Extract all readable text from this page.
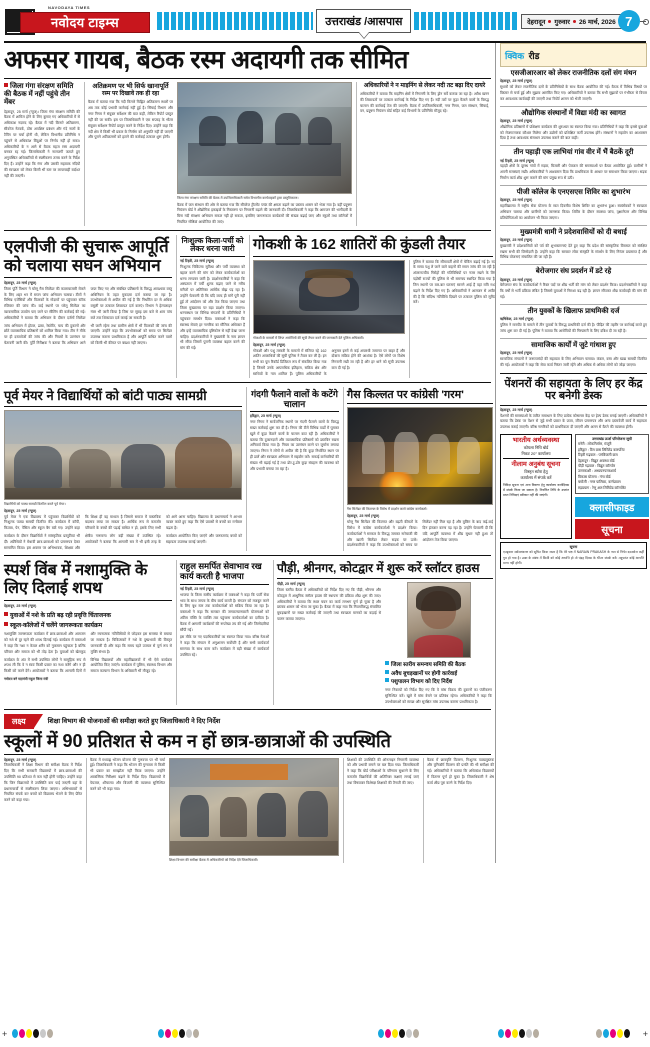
NAVODAYA TIMES
नवोदय टाइम्स	उत्तराखंड /आसपास	देहरादून गुरुवार 26 मार्च, 2026 7
अफसर गायब, बैठक रस्म अदायगी तक सीमित
जिला गंगा संरक्षण समिति की बैठक में नहीं पहुंचे तीन मेंबर
देहरादून, 25 मार्च (न्यूज)। जिला गंगा संरक्षण समिति की बैठक में शामिल होने के लिए बुलाए गए अधिकारियों में से अधिकांश नदारद रहे। बैठक में नदी किनारे अतिक्रमण, सीवरेज नेटवर्क, ठोस अपशिष्ट प्रबंधन और गंदे नालों के टैपिंग पर चर्चा होनी थी, लेकिन विभागीय प्रतिनिधि न पहुंचने से अधिकांश बिंदुओं पर निर्णय नहीं हो सका। अधिकारियों के न आने से बैठक महज रस्म अदायगी बनकर रह गई। जिलाधिकारी ने नाराजगी जताते हुए अनुपस्थित अधिकारियों से स्पष्टीकरण तलब करने के निर्देश दिए हैं। उन्होंने कहा कि गंगा और उसकी सहायक नदियों की स्वच्छता को लेकर किसी भी स्तर पर लापरवाही बर्दाश्त नहीं की जाएगी।
अतिक्रमण पर भी सिर्फ खानापूर्ति
रस्म पर दिखावे तक ही रहा
बैठक में बताया गया कि नदी किनारे चिह्नित अतिक्रमण स्थलों पर अब तक कोई प्रभावी कार्रवाई नहीं हुई है। सिंचाई विभाग और नगर निगम ने संयुक्त सर्वेक्षण की बात कही, लेकिन रिपोर्ट प्रस्तुत नहीं की जा सकी। इस पर जिलाधिकारी ने एक सप्ताह के भीतर संयुक्त सर्वेक्षण रिपोर्ट प्रस्तुत करने के निर्देश दिए। उन्होंने कहा कि नदी क्षेत्र में किसी भी प्रकार के निर्माण को अनुमति नहीं दी जाएगी और पुराने अतिक्रमणों को हटाने की कार्रवाई तत्काल शुरू होगी।
जिला गंगा संरक्षण समिति की बैठक में उपजिलाधिकारी समेत विभागीय कार्यवाहकों द्वारा प्रस्तुतिकरण।
बैठक में जल संस्थान की ओर से बताया गया कि सीवरेज ट्रीटमेंट प्लांट की क्षमता बढ़ाने का प्रस्ताव शासन को भेजा गया है। वहीं प्रदूषण नियंत्रण बोर्ड ने औद्योगिक इकाइयों के निस्तारण पर निगरानी बढ़ाने की जानकारी दी। जिलाधिकारी ने कहा कि आमजन की भागीदारी के बिना नदी संरक्षण अभियान सफल नहीं हो सकता, इसलिए जागरूकता कार्यक्रमों की संख्या बढ़ाई जाए और स्कूलों तथा कॉलेजों में नियमित गोष्ठियां आयोजित की जाएं।
अधिकारियों ने न माइनिंग से लेकर नदी तट बढ़ा दिए दायरे
अधिकारियों ने बताया कि माइनिंग क्षेत्रों में निगरानी के लिए ड्रोन सर्वे कराया जा रहा है। अवैध खनन की शिकायतों पर तत्काल कार्रवाई के निर्देश दिए गए हैं। नदी तटों पर कूड़ा फेंकने वालों के विरुद्ध चालान की कार्रवाई तेज की जाएगी। बैठक में उपजिलाधिकारी, नगर निगम, जल संस्थान, सिंचाई, वन, प्रदूषण नियंत्रण बोर्ड सहित कई विभागों के प्रतिनिधि मौजूद रहे।
एलपीजी की सुचारू आपूर्ति को चलाया सघन अभियान
देहरादून, 25 मार्च (न्यूज)
जिला पूर्ति विभाग ने घरेलू गैस सिलेंडर की कालाबाजारी रोकने के लिए शहर भर में सघन जांच अभियान चलाया। टीमों ने विभिन्न एजेंसियों और वितरकों के गोदामों पर पहुंचकर स्टॉक रजिस्टर की जांच की। कई स्थानों पर घरेलू सिलेंडर का व्यावसायिक उपयोग पाए जाने पर सीलिंग की कार्रवाई की गई। अधिकारियों ने बताया कि अभियान के दौरान दर्जनों सिलेंडर जब्त किए गए और संबंधित प्रतिष्ठानों के विरुद्ध आवश्यक वस्तु अधिनियम के तहत मुकदमा दर्ज कराया जा रहा है। उपभोक्ताओं से अपील की गई है कि निर्धारित दर से अधिक वसूली पर तत्काल शिकायत दर्ज कराएं। विभाग ने हेल्पलाइन नंबर भी जारी किया है जिस पर सुबह दस बजे से शाम पांच बजे तक शिकायत दर्ज कराई जा सकती है।
जांच अभियान में होटल, ढाबा, रेस्टोरेंट, चाय की दुकानों और छोटे व्यावसायिक प्रतिष्ठानों को शामिल किया गया। टीम ने मौके पर ही दस्तावेजों की जांच की और नियमों के उल्लंघन पर चेतावनी जारी की। पूर्ति निरीक्षक ने बताया कि अभियान आगे भी जारी रहेगा तथा ग्रामीण क्षेत्रों में भी वितरकों की जांच की जाएगी। उन्होंने कहा कि उपभोक्ताओं को समय पर सिलेंडर उपलब्ध कराना प्राथमिकता है और आपूर्ति बाधित करने वालों को किसी भी कीमत पर बख्शा नहीं जाएगा।
निःशुल्क किला-पर्ची को लेकर धरना जारी
नई टिहरी, 25 मार्च (न्यूज)
निःशुल्क चिकित्सा सुविधा और पर्ची व्यवस्था को बहाल करने की मांग को लेकर कार्यकर्ताओं का धरना लगातार जारी है। प्रदर्शनकारियों ने कहा कि अस्पताल में पर्ची शुल्क बढ़ाए जाने से गरीब मरीजों पर अतिरिक्त आर्थिक बोझ पड़ रहा है। उन्होंने चेतावनी दी कि यदि जल्द ही मांगें पूरी नहीं हुईं तो आंदोलन को और तेज किया जाएगा तथा जिला मुख्यालय पर बड़ा प्रदर्शन किया जाएगा। धरनास्थल पर विभिन्न संगठनों के प्रतिनिधियों ने पहुंचकर समर्थन दिया। वक्ताओं ने कहा कि स्वास्थ्य सेवाएं हर नागरिक का मौलिक अधिकार हैं और इन्हें व्यावसायिक दृष्टिकोण से नहीं देखा जाना चाहिए। प्रदर्शनकारियों ने मुख्यमंत्री के नाम ज्ञापन भी सौंपा जिसमें पुरानी व्यवस्था बहाल करने की मांग की गई।
गोकशी के 162 शातिरों की कुंडली तैयार
गोकशी के मामलों में लिप्त आरोपियों की सूची तैयार करने की जानकारी देते पुलिस अधिकारी।
देहरादून, 25 मार्च (न्यूज)
गोकशी और पशु तस्करी के मामलों में संलिप्त रहे 162 शातिर अपराधियों की सूची पुलिस ने तैयार कर ली है। इन सभी का पूरा रिकॉर्ड डिजिटल रूप में संकलित किया गया है जिसमें उनके आपराधिक इतिहास, सक्रिय क्षेत्र और साथियों के नाम शामिल हैं। पुलिस अधिकारियों के अनुसार इनमें से कई अपराधी जमानत पर बाहर हैं और दोबारा सक्रिय होने की आशंका है। ऐसे लोगों पर विशेष निगरानी रखी जा रही है और हर थाने को सूची उपलब्ध करा दी गई है।
पुलिस ने बताया कि सीमावर्ती क्षेत्रों में चेकिंग बढ़ाई गई है। रात के समय पशु ले जाने वाले वाहनों की सघन जांच की जा रही है। अंतरराज्यीय गिरोहों की गतिविधियों पर नजर रखने के लिए पड़ोसी राज्यों की पुलिस से भी समन्वय स्थापित किया गया है। जिन स्थानों पर बार-बार घटनाएं सामने आई हैं वहां रात्रि गश्त बढ़ाने के निर्देश दिए गए हैं। अधिकारियों ने आमजन से अपील की है कि संदिग्ध गतिविधि दिखने पर तत्काल पुलिस को सूचित करें।
पूर्व मेयर ने विद्यार्थियों को बांटी पाठ्य सामग्री
विद्यार्थियों को पाठ्य सामग्री वितरित करते पूर्व मेयर।
देहरादून, 25 मार्च (न्यूज)
पूर्व मेयर ने एक विद्यालय में पहुंचकर विद्यार्थियों को निःशुल्क पाठ्य सामग्री वितरित की। कार्यक्रम में कॉपी, किताब, पेन, पेंसिल और स्कूल बैग बांटे गए। उन्होंने कहा कि शिक्षा ही वह माध्यम है जिससे समाज में वास्तविक बदलाव लाया जा सकता है। आर्थिक रूप से कमजोर परिवारों के बच्चों की पढ़ाई बाधित न हो, इसके लिए सभी को आगे आना चाहिए। विद्यालय के प्रधानाचार्य ने आभार व्यक्त करते हुए कहा कि ऐसे प्रयासों से बच्चों का मनोबल बढ़ता है।
कार्यक्रम के दौरान विद्यार्थियों ने सांस्कृतिक प्रस्तुतियां भी दीं। अतिथियों ने मेधावी छात्र-छात्राओं को प्रमाणपत्र देकर सम्मानित किया। इस अवसर पर अभिभावक, शिक्षक और क्षेत्रीय गणमान्य लोग बड़ी संख्या में उपस्थित रहे। आयोजकों ने बताया कि आगामी सत्र में भी इसी तरह के कार्यक्रम आयोजित किए जाएंगे और जरूरतमंद बच्चों को सहायता उपलब्ध कराई जाएगी।
गंदगी फैलाने वालों के कटेंगे चालान
हरिद्वार, 25 मार्च (न्यूज)
नगर निगम ने सार्वजनिक स्थानों पर गंदगी फैलाने वालों के विरुद्ध सख्त कार्रवाई शुरू कर दी है। निगम की टीमें विभिन्न वार्डों में घूमकर खुले में कूड़ा फेंकने वालों के चालान काट रही हैं। अधिकारियों ने बताया कि दुकानदारों और व्यावसायिक प्रतिष्ठानों को डस्टबिन रखना अनिवार्य किया गया है। नियम का उल्लंघन करने पर जुर्माना लगाया जाएगा। निगम ने लोगों से अपील की है कि कूड़ा निर्धारित स्थान पर ही डालें और स्वच्छता अभियान में सहयोग करें। सफाई कर्मचारियों की संख्या भी बढ़ाई गई है तथा डोर-टू-डोर कूड़ा संग्रहण की व्यवस्था को और प्रभावी बनाया जा रहा है।
गैस किल्लत पर कांग्रेसी 'गरम'
गैस सिलेंडर की किल्लत के विरोध में प्रदर्शन करते कांग्रेस कार्यकर्ता।
देहरादून, 25 मार्च (न्यूज)
घरेलू गैस सिलेंडर की किल्लत और बढ़ती कीमतों के विरोध में कांग्रेस कार्यकर्ताओं ने प्रदर्शन किया। कार्यकर्ताओं ने सरकार के विरुद्ध जमकर नारेबाजी की और खाली सिलेंडर लेकर सड़क पर उतरे। प्रदर्शनकारियों ने कहा कि उपभोक्ताओं को समय पर सिलेंडर नहीं मिल रहा है और बुकिंग के बाद कई-कई दिन इंतजार करना पड़ रहा है। उन्होंने चेतावनी दी कि यदि आपूर्ति व्यवस्था में शीघ्र सुधार नहीं हुआ तो आंदोलन तेज किया जाएगा।
स्पर्श विंब में नशामुक्ति के लिए दिलाई शपथ
देहरादून, 25 मार्च (न्यूज)
युवाओं में नशे के प्रति बढ़ रही प्रवृत्ति चिंताजनक
स्कूल-कॉलेजों में चलेंगे जागरूकता कार्यक्रम
नशामुक्ति जागरूकता कार्यक्रम में छात्र-छात्राओं और आमजन को नशे से दूर रहने की शपथ दिलाई गई। कार्यक्रम में वक्ताओं ने कहा कि नशा न केवल शरीर को नुकसान पहुंचाता है बल्कि परिवार और समाज को भी तोड़ देता है। युवाओं को खेलकूद और रचनात्मक गतिविधियों से जोड़कर इस समस्या से बचाया जा सकता है। चिकित्सकों ने नशे के दुष्प्रभावों की विस्तृत जानकारी दी और कहा कि समय रहते उपचार से पूर्ण रूप से मुक्ति संभव है।
कार्यक्रम के अंत में सभी उपस्थित लोगों ने सामूहिक रूप से शपथ ली कि वे न स्वयं किसी प्रकार का नशा करेंगे और न ही किसी को करने देंगे। आयोजकों ने बताया कि आगामी दिनों में विभिन्न विद्यालयों और महाविद्यालयों में भी ऐसे कार्यक्रम आयोजित किए जाएंगे। कार्यक्रम में पुलिस, स्वास्थ्य विभाग और समाज कल्याण विभाग के अधिकारी भी मौजूद रहे।
नवोदय बने महामंत्री राहुल जिला मंत्री
राहुल समर्पित सेवाभाव रख कार्य करती है भाजपा
नई टिहरी, 25 मार्च (न्यूज)
भाजपा के जिला स्तरीय कार्यक्रम में वक्ताओं ने कहा कि पार्टी सेवा भाव के साथ जनता के बीच कार्य करती है। संगठन को मजबूत करने के लिए बूथ स्तर तक कार्यकर्ताओं को सक्रिय किया जा रहा है। वक्ताओं ने कहा कि सरकार की जनकल्याणकारी योजनाओं को अंतिम पंक्ति के व्यक्ति तक पहुंचाना कार्यकर्ताओं का दायित्व है। बैठक में आगामी कार्यक्रमों की रूपरेखा तय की गई और जिम्मेदारियां सौंपी गईं।
इस मौके पर नए पदाधिकारियों का स्वागत किया गया। वरिष्ठ नेताओं ने कहा कि संगठन में अनुशासन सर्वोपरि है और सभी कार्यकर्ता समन्वय के साथ काम करें। कार्यक्रम में बड़ी संख्या में कार्यकर्ता उपस्थित रहे।
पौड़ी, श्रीनगर, कोटद्वार में शुरू करें स्लॉटर हाउस
पौड़ी, 25 मार्च (न्यूज)
जिला स्तरीय बैठक में अधिकारियों को निर्देश दिए गए कि पौड़ी, श्रीनगर और कोटद्वार में आधुनिक स्लॉटर हाउस की स्थापना की प्रक्रिया शीघ्र शुरू की जाए। अधिकारियों ने बताया कि स्थल चयन का कार्य लगभग पूर्ण हो चुका है और प्रस्ताव शासन को भेजा जा चुका है। बैठक में कहा गया कि नियमविरुद्ध संचालित बूचड़खानों पर सख्त कार्रवाई की जाएगी तथा स्वच्छता मानकों का कड़ाई से पालन कराया जाएगा।
जिला स्तरीय समन्वय समिति की बैठक
अवैध बूचड़खानों पर होगी कार्रवाई
पशुपालन विभाग को दिए निर्देश
नगर निकायों को निर्देश दिए गए कि वे मांस विक्रय की दुकानों का पंजीकरण सुनिश्चित करें। खुले में मांस बेचने पर प्रतिबंध रहेगा। अधिकारियों ने कहा कि उपभोक्ताओं को स्वच्छ और सुरक्षित मांस उपलब्ध कराना प्राथमिकता है।
लक्ष्य	शिक्षा विभाग की योजनाओं की समीक्षा करते हुए जिलाधिकारी ने दिए निर्देश
स्कूलों में 90 प्रतिशत से कम न हों छात्र-छात्राओं की उपस्थिति
देहरादून, 25 मार्च (न्यूज)
जिलाधिकारी ने शिक्षा विभाग की समीक्षा बैठक में निर्देश दिए कि सभी सरकारी विद्यालयों में छात्र-छात्राओं की उपस्थिति 90 प्रतिशत से कम नहीं होनी चाहिए। उन्होंने कहा कि जिन विद्यालयों में उपस्थिति कम पाई जाएगी वहां के प्रधानाचार्यों से स्पष्टीकरण लिया जाएगा। अभिभावकों से नियमित संपर्क कर बच्चों को विद्यालय भेजने के लिए प्रेरित करने को कहा गया।
बैठक में मध्याह्न भोजन योजना की गुणवत्ता पर भी चर्चा हुई। जिलाधिकारी ने कहा कि भोजन की गुणवत्ता से किसी भी प्रकार का समझौता नहीं किया जाएगा। उन्होंने आकस्मिक निरीक्षण बढ़ाने के निर्देश दिए। विद्यालयों में पेयजल, शौचालय और बिजली की व्यवस्था सुनिश्चित करने को भी कहा गया।
शिक्षा विभाग की समीक्षा बैठक में अधिकारियों को निर्देश देते जिलाधिकारी।
शिक्षकों की उपस्थिति की ऑनलाइन निगरानी व्यवस्था को और प्रभावी बनाने पर बल दिया गया। जिलाधिकारी ने कहा कि बोर्ड परीक्षाओं के परिणाम सुधारने के लिए कमजोर विद्यार्थियों की अतिरिक्त कक्षाएं लगाई जाएं तथा विषयवार विशेषज्ञ शिक्षकों की तैनाती की जाए।
बैठक में छात्रवृत्ति वितरण, निःशुल्क पाठ्यपुस्तक और यूनिफॉर्म वितरण की प्रगति की भी समीक्षा की गई। अधिकारियों ने बताया कि अधिकांश विद्यालयों में वितरण पूर्ण हो चुका है। जिलाधिकारी ने शेष कार्य शीघ्र पूरा करने के निर्देश दिए।
क्विक रीड
एसजीआरआर को लेकर राजनीतिक दलों संग मंथन
देहरादून, 25 मार्च (न्यूज)
सुधारों को लेकर राजनीतिक दलों के प्रतिनिधियों के साथ बैठक आयोजित की गई। बैठक में विभिन्न विषयों पर विस्तार से चर्चा हुई और सुझाव आमंत्रित किए गए। अधिकारियों ने बताया कि सभी सुझावों पर गंभीरता से विचार कर आवश्यक कार्यवाही की जाएगी तथा रिपोर्ट शासन को भेजी जाएगी।
औद्योगिक संस्थानों में विद्या मंदी का स्वागत
देहरादून, 25 मार्च (न्यूज)
औद्योगिक प्रतिष्ठानों में प्रशिक्षण कार्यक्रम की शुरुआत का स्वागत किया गया। प्रतिनिधियों ने कहा कि इससे युवाओं को रोजगारपरक कौशल मिलेगा और उद्योगों को प्रशिक्षित कर्मी उपलब्ध होंगे। संस्थानों ने सहयोग का आश्वासन दिया है तथा आवश्यक संसाधन उपलब्ध कराने की बात कही।
तीन पहाड़ी एक लाभियां गांव वीर में भैं बैठकें दूरी
नई टिहरी, 25 मार्च (न्यूज)
पहाड़ी क्षेत्रों के दूरस्थ गांवों में सड़क, बिजली और पेयजल की समस्याओं पर बैठक आयोजित हुई। ग्रामीणों ने अपनी समस्याएं रखीं। अधिकारियों ने आश्वासन दिया कि प्राथमिकता के आधार पर समाधान किया जाएगा। सड़क निर्माण कार्य शीघ्र शुरू कराने की मांग प्रमुख रूप से उठी।
पीजी कॉलेज के एनएसएस शिविर का शुभारंभ
देहरादून, 25 मार्च (न्यूज)
महाविद्यालय में राष्ट्रीय सेवा योजना के सात दिवसीय विशेष शिविर का शुभारंभ हुआ। स्वयंसेवकों ने स्वच्छता अभियान चलाया और ग्रामीणों को जागरूक किया। शिविर के दौरान स्वास्थ्य जांच, वृक्षारोपण और विभिन्न प्रतियोगिताओं का आयोजन भी किया जाएगा।
मुख्यमंत्री धामी ने प्रदेशवासियों को दी बधाई
देहरादून, 25 मार्च (न्यूज)
मुख्यमंत्री ने प्रदेशवासियों को पर्व की शुभकामनाएं देते हुए कहा कि प्रदेश की सांस्कृतिक विरासत को संरक्षित रखना सभी की जिम्मेदारी है। उन्होंने कहा कि सरकार लोक संस्कृति के संवर्धन के लिए निरंतर प्रयासरत है और विभिन्न योजनाएं संचालित की जा रही हैं।
बेरोजगार संघ प्रदर्शन में डटे रहे
देहरादून, 25 मार्च (न्यूज)
बेरोजगार संघ के कार्यकर्ताओं ने रिक्त पदों पर शीघ्र भर्ती की मांग को लेकर प्रदर्शन किया। प्रदर्शनकारियों ने कहा कि वर्षों से भर्ती प्रक्रिया लंबित है जिससे युवाओं में निराशा बढ़ रही है। ज्ञापन सौंपकर शीघ्र कार्यवाही की मांग की गई।
तीन युवकों के खिलाफ प्राथमिकी दर्ज
ऋषिकेश, 25 मार्च (न्यूज)
पुलिस ने मारपीट के मामले में तीन युवकों के विरुद्ध प्राथमिकी दर्ज की है। पीड़ित की तहरीर पर कार्रवाई करते हुए जांच शुरू कर दी गई है। पुलिस ने बताया कि आरोपियों की गिरफ्तारी के लिए दबिश दी जा रही है।
सामाजिक कार्यों में जुटे गांधाश हुए
देहरादून, 25 मार्च (न्यूज)
सामाजिक संगठनों ने जरूरतमंदों की सहायता के लिए अभियान चलाया। कंबल, वस्त्र और खाद्य सामग्री वितरित की गई। आयोजकों ने कहा कि सेवा कार्य निरंतर जारी रहेंगे और अधिक से अधिक लोगों को जोड़ा जाएगा।
पेंशनरों की सहायता के लिए हर केंद्र पर बनेगी डेस्क
देहरादून, 25 मार्च (न्यूज)
पेंशनरों की समस्याओं के त्वरित समाधान के लिए प्रत्येक कोषागार केंद्र पर हेल्प डेस्क बनाई जाएगी। अधिकारियों ने बताया कि डेस्क पर पेंशन से जुड़े सभी प्रकार के प्रपत्र, जीवन प्रमाणपत्र और अन्य दस्तावेजी कार्य में सहायता उपलब्ध कराई जाएगी। वरिष्ठ नागरिकों को प्राथमिकता दी जाएगी और अलग से बैठने की व्यवस्था होगी।
भारतीय अर्थव्यवस्था
कोयला निधि बोर्ड
निकट 20° कार्यालय
नीलाम अनुबंध सूचना
विस्तृत ब्योरा हेतु
कार्यालय में संपर्क करें
निविदा सूचना एवं अन्य विवरण हेतु कार्यालय कार्यदिवस में संपर्क किया जा सकता है। निर्धारित तिथि के उपरांत प्राप्त निविदाएं स्वीकार नहीं की जाएंगी।
उत्तराखंड ऊर्जा परियोजना सूची
मनेरी : लोकनिर्माण, मंजूरी
हरिद्वार : टिम ग्रास लिमिटेड कारपोरेट
टिहरी गढ़वाल : पनबिजली ग्राम
देहरादून : विद्युत अवस्था बोर्ड
पौड़ी गढ़वाल : विद्युत कॉरपोर
उत्तरकाशी : अध्ययनपरकशार्य
विकास योजना : गंगा बोर्ड
चमोली : नगर पालिका, कर्णप्रयाग
रुद्रप्रयाग : रेणु अल लिमिटेड कॉरपोरेट
क्लासीफाइड
सूचना
सूचना
एतद्द्वारा सर्वसाधारण को सूचित किया जाता है कि मेरे पक्ष में NARAIN PRAKASH के नाम से निर्गत दस्तावेज कहीं गुम हो गया है। उक्त के संबंध में किसी को कोई आपत्ति हो तो पंद्रह दिवस के भीतर संपर्क करें। तदुपरांत कोई आपत्ति मान्य नहीं होगी।
+	+
